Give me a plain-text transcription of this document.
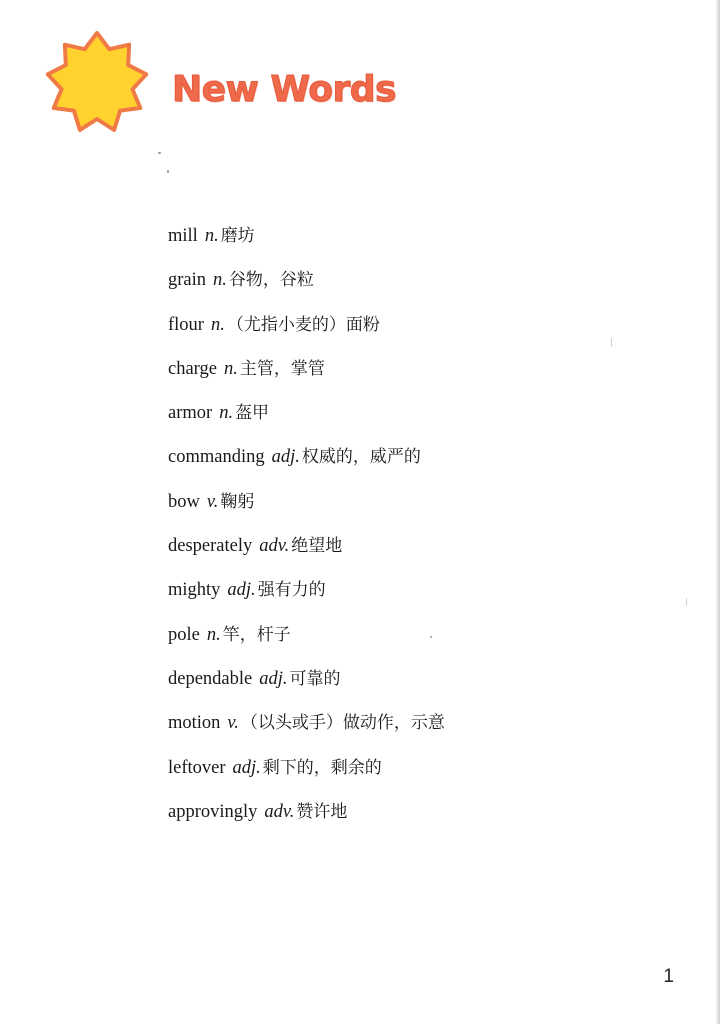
New Words
mill n. 磨坊
grain n. 谷物，谷粒
flour n. （尤指小麦的）面粉
charge n. 主管，掌管
armor n. 盔甲
commanding adj. 权威的，威严的
bow v. 鞠躬
desperately adv. 绝望地
mighty adj. 强有力的
pole n. 竿，杆子
dependable adj. 可靠的
motion v. （以头或手）做动作，示意
leftover adj. 剩下的，剩余的
approvingly adv. 赞许地
1
